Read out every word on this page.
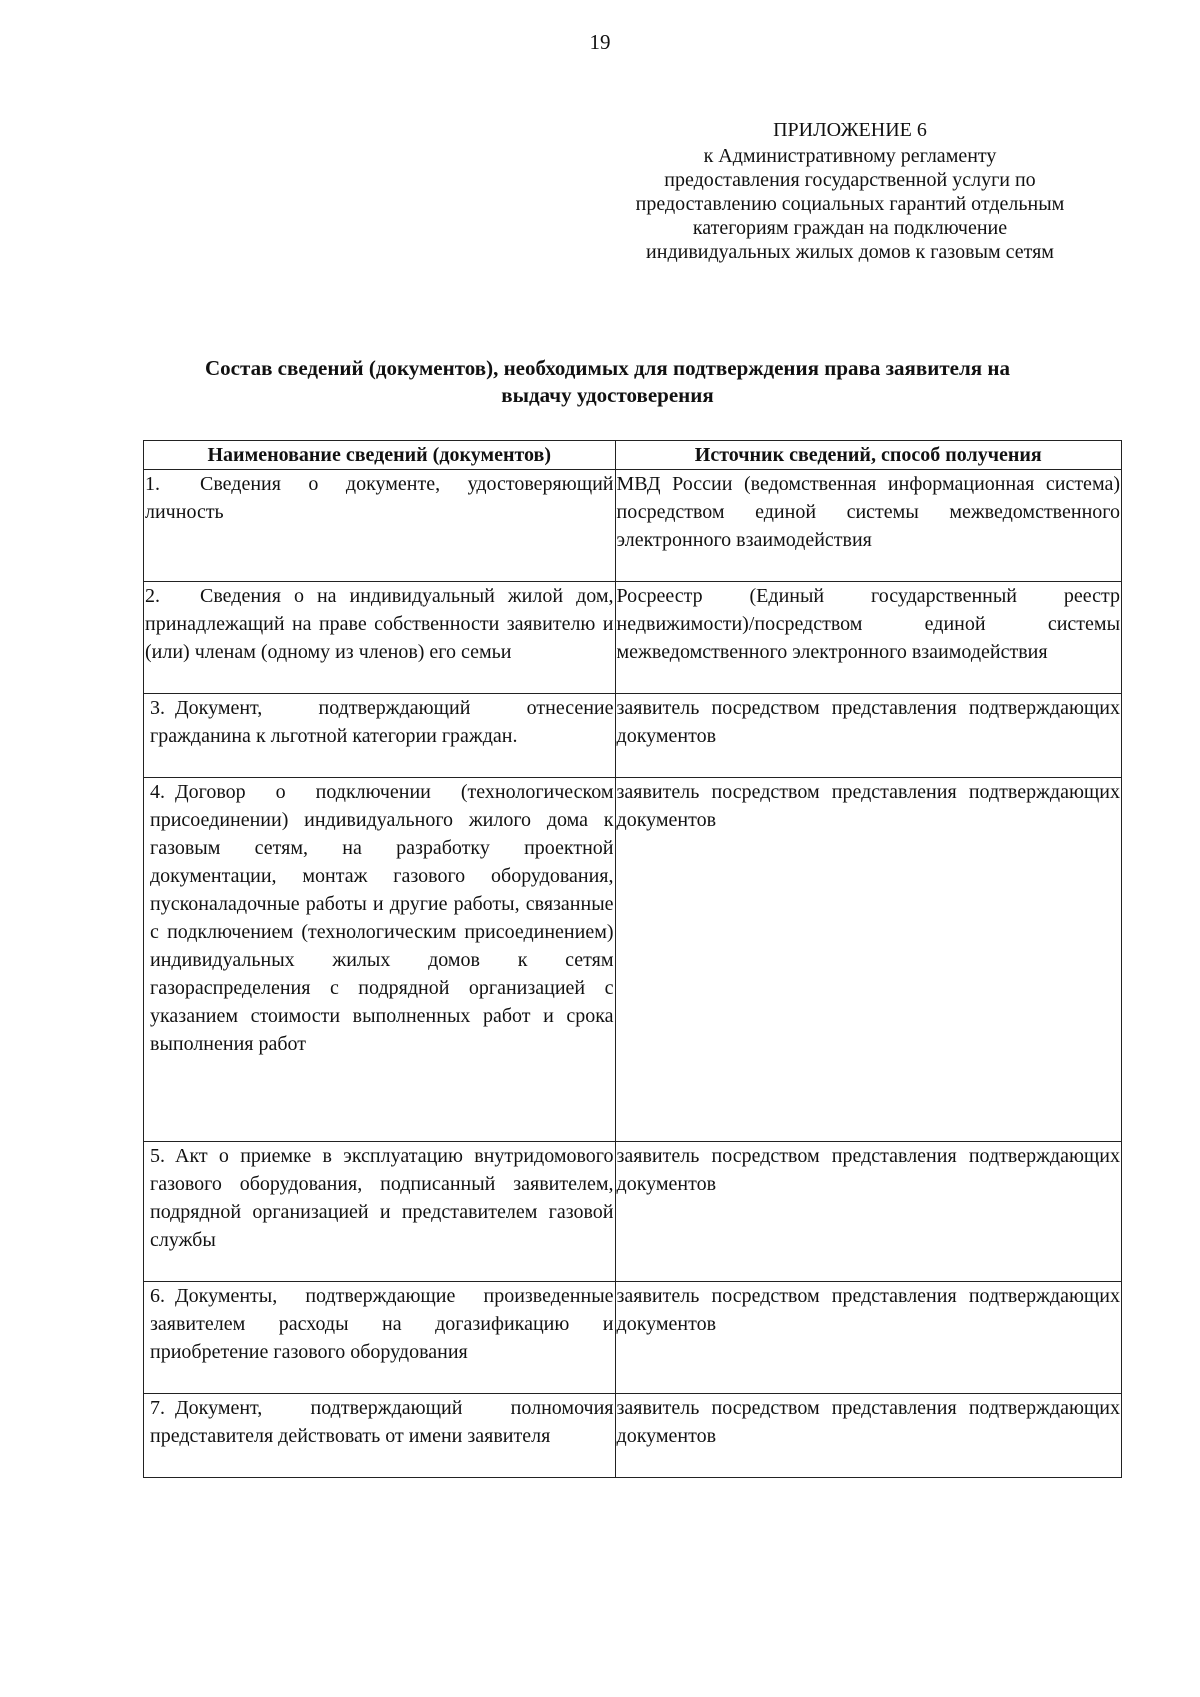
19
ПРИЛОЖЕНИЕ 6
к Административному регламенту
предоставления государственной услуги по
предоставлению социальных гарантий отдельным
категориям граждан на подключение
индивидуальных жилых домов к газовым сетям
Состав сведений (документов), необходимых для подтверждения права заявителя на
выдачу удостоверения
Наименование сведений (документов)	Источник сведений, способ получения
1.  Сведения о документе, удостоверяющий личность	МВД России (ведомственная информационная система) посредством единой системы межведомственного электронного взаимодействия
2.  Сведения о на индивидуальный жилой дом, принадлежащий на праве собственности заявителю и (или) членам (одному из членов) его семьи	Росреестр (Единый государственный реестр недвижимости)/посредством единой системы межведомственного электронного взаимодействия
3. Документ, подтверждающий отнесение гражданина к льготной категории граждан.	заявитель посредством представления подтверждающих документов
4. Договор о подключении (технологическом присоединении) индивидуального жилого дома к газовым сетям, на разработку проектной документации, монтаж газового оборудования, пусконаладочные работы и другие работы, связанные с подключением (технологическим присоединением) индивидуальных жилых домов к сетям газораспределения с подрядной организацией с указанием стоимости выполненных работ и срока выполнения работ	заявитель посредством представления подтверждающих документов
5. Акт о приемке в эксплуатацию внутридомового газового оборудования, подписанный заявителем, подрядной организацией и представителем газовой службы	заявитель посредством представления подтверждающих документов
6. Документы, подтверждающие произведенные заявителем расходы на догазификацию и приобретение газового оборудования	заявитель посредством представления подтверждающих документов
7. Документ, подтверждающий полномочия представителя действовать от имени заявителя	заявитель посредством представления подтверждающих документов
